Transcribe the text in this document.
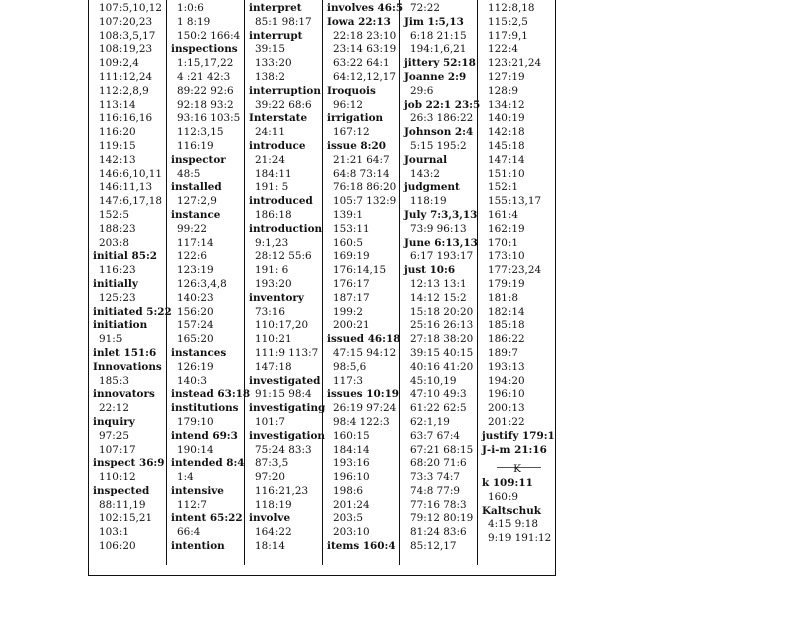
107:5,10,12
107:20,23
108:3,5,17
108:19,23
109:2,4
111:12,24
112:2,8,9
113:14
116:16,16
116:20
119:15
142:13
146:6,10,11
146:11,13
147:6,17,18
152:5
188:23
203:8
initial 85:2
116:23
initially
125:23
initiated 5:22
initiation
91:5
inlet 151:6
Innovations
185:3
innovators
22:12
inquiry
97:25
107:17
inspect 36:9
110:12
inspected
88:11,19
102:15,21
103:1
106:20
1:0:6
1 8:19
150:2 166:4
inspections
1:15,17,22
4 :21 42:3
89:22 92:6
92:18 93:2
93:16 103:5
112:3,15
116:19
inspector
48:5
installed
127:2,9
instance
99:22
117:14
122:6
123:19
126:3,4,8
140:23
156:20
157:24
165:20
instances
126:19
140:3
instead 63:18
institutions
179:10
intend 69:3
190:14
intended 8:4
1:4
intensive
112:7
intent 65:22
66:4
intention
interpret
85:1 98:17
interrupt
39:15
133:20
138:2
interruption
39:22 68:6
Interstate
24:11
introduce
21:24
184:11
191: 5
introduced
186:18
introduction
9:1,23
28:12 55:6
191: 6
193:20
inventory
73:16
110:17,20
110:21
111:9 113:7
147:18
investigated
91:15 98:4
investigating
101:7
investigation
75:24 83:3
87:3,5
97:20
116:21,23
118:19
involve
164:22
18:14
involves 46:5
Iowa 22:13
22:18 23:10
23:14 63:19
63:22 64:1
64:12,12,17
Iroquois
96:12
irrigation
167:12
issue 8:20
21:21 64:7
64:8 73:14
76:18 86:20
105:7 132:9
139:1
153:11
160:5
169:19
176:14,15
176:17
187:17
199:2
200:21
issued 46:18
47:15 94:12
98:5,6
117:3
issues 10:19
26:19 97:24
98:4 122:3
160:15
184:14
193:16
196:10
198:6
201:24
203:5
203:10
items 160:4
72:22
Jim 1:5,13
6:18 21:15
194:1,6,21
jittery 52:18
Joanne 2:9
29:6
job 22:1 23:5
26:3 186:22
Johnson 2:4
5:15 195:2
Journal
143:2
judgment
118:19
July 7:3,3,13
73:9 96:13
June 6:13,13
6:17 193:17
just 10:6
12:13 13:1
14:12 15:2
15:18 20:20
25:16 26:13
27:18 38:20
39:15 40:15
40:16 41:20
45:10,19
47:10 49:3
61:22 62:5
62:1,19
63:7 67:4
67:21 68:15
68:20 71:6
73:3 74:7
74:8 77:9
77:16 78:3
79:12 80:19
81:24 83:6
85:12,17
112:8,18
115:2,5
117:9,1
122:4
123:21,24
127:19
128:9
134:12
140:19
142:18
145:18
147:14
151:10
152:1
155:13,17
161:4
162:19
170:1
173:10
177:23,24
179:19
181:8
182:14
185:18
186:22
189:7
193:13
194:20
196:10
200:13
201:22
justify 179:1
J-i-m 21:16
K
k 109:11
160:9
Kaltschuk
4:15 9:18
9:19 191:12
